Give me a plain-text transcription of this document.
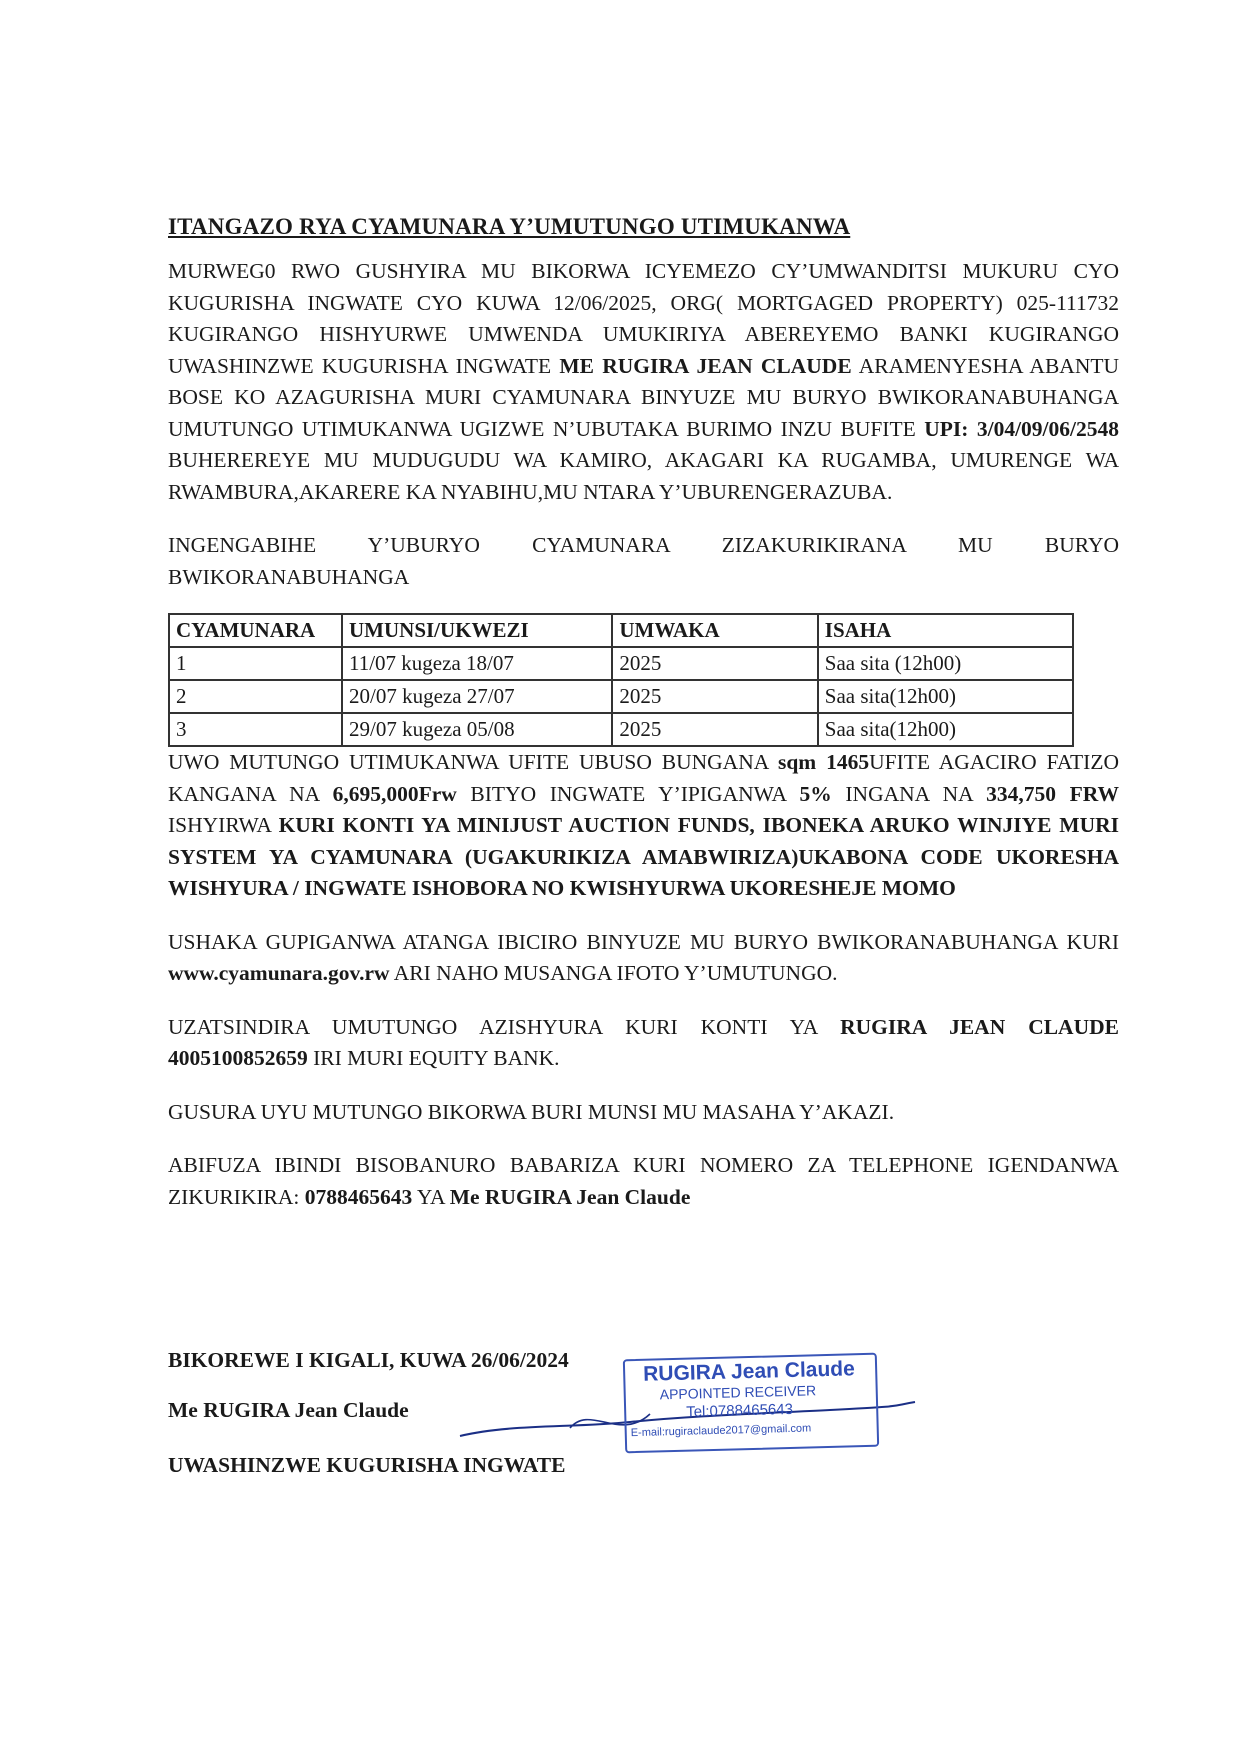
ITANGAZO RYA CYAMUNARA Y’UMUTUNGO UTIMUKANWA

MURWEG0 RWO GUSHYIRA MU BIKORWA ICYEMEZO CY’UMWANDITSI MUKURU CYO KUGURISHA INGWATE CYO KUWA 12/06/2025, ORG( MORTGAGED PROPERTY) 025-111732 KUGIRANGO HISHYURWE UMWENDA UMUKIRIYA ABEREYEMO BANKI KUGIRANGO UWASHINZWE KUGURISHA INGWATE ME RUGIRA JEAN CLAUDE ARAMENYESHA ABANTU BOSE KO AZAGURISHA MURI CYAMUNARA BINYUZE MU BURYO BWIKORANABUHANGA UMUTUNGO UTIMUKANWA UGIZWE N’UBUTAKA BURIMO INZU BUFITE UPI: 3/04/09/06/2548 BUHEREREYE MU MUDUGUDU WA KAMIRO, AKAGARI KA RUGAMBA, UMURENGE WA RWAMBURA,AKARERE KA NYABIHU,MU NTARA Y’UBURENGERAZUBA.

INGENGABIHE Y’UBURYO CYAMUNARA ZIZAKURIKIRANA MU BURYO BWIKORANABUHANGA

CYAMUNARA	UMUNSI/UKWEZI	UMWAKA	ISAHA
1	11/07 kugeza 18/07	2025	Saa sita (12h00)
2	20/07 kugeza 27/07	2025	Saa sita(12h00)
3	29/07 kugeza 05/08	2025	Saa sita(12h00)

UWO MUTUNGO UTIMUKANWA UFITE UBUSO BUNGANA sqm 1465UFITE AGACIRO FATIZO KANGANA NA 6,695,000Frw BITYO INGWATE Y’IPIGANWA 5% INGANA NA 334,750 FRW ISHYIRWA KURI KONTI YA MINIJUST AUCTION FUNDS, IBONEKA ARUKO WINJIYE MURI SYSTEM YA CYAMUNARA (UGAKURIKIZA AMABWIRIZA)UKABONA CODE UKORESHA WISHYURA / INGWATE ISHOBORA NO KWISHYURWA UKORESHEJE MOMO

USHAKA GUPIGANWA ATANGA IBICIRO BINYUZE MU BURYO BWIKORANABUHANGA KURI www.cyamunara.gov.rw ARI NAHO MUSANGA IFOTO Y’UMUTUNGO.

UZATSINDIRA UMUTUNGO AZISHYURA KURI KONTI YA RUGIRA JEAN CLAUDE 4005100852659 IRI MURI EQUITY BANK.

GUSURA UYU MUTUNGO BIKORWA BURI MUNSI MU MASAHA Y’AKAZI.

ABIFUZA IBINDI BISOBANURO BABARIZA KURI NOMERO ZA TELEPHONE IGENDANWA ZIKURIKIRA: 0788465643 YA Me RUGIRA Jean Claude

BIKOREWE I KIGALI, KUWA 26/06/2024
Me RUGIRA Jean Claude
UWASHINZWE KUGURISHA INGWATE
RUGIRA Jean Claude
APPOINTED RECEIVER
Tel:0788465643
E-mail:rugiraclaude2017@gmail.com
